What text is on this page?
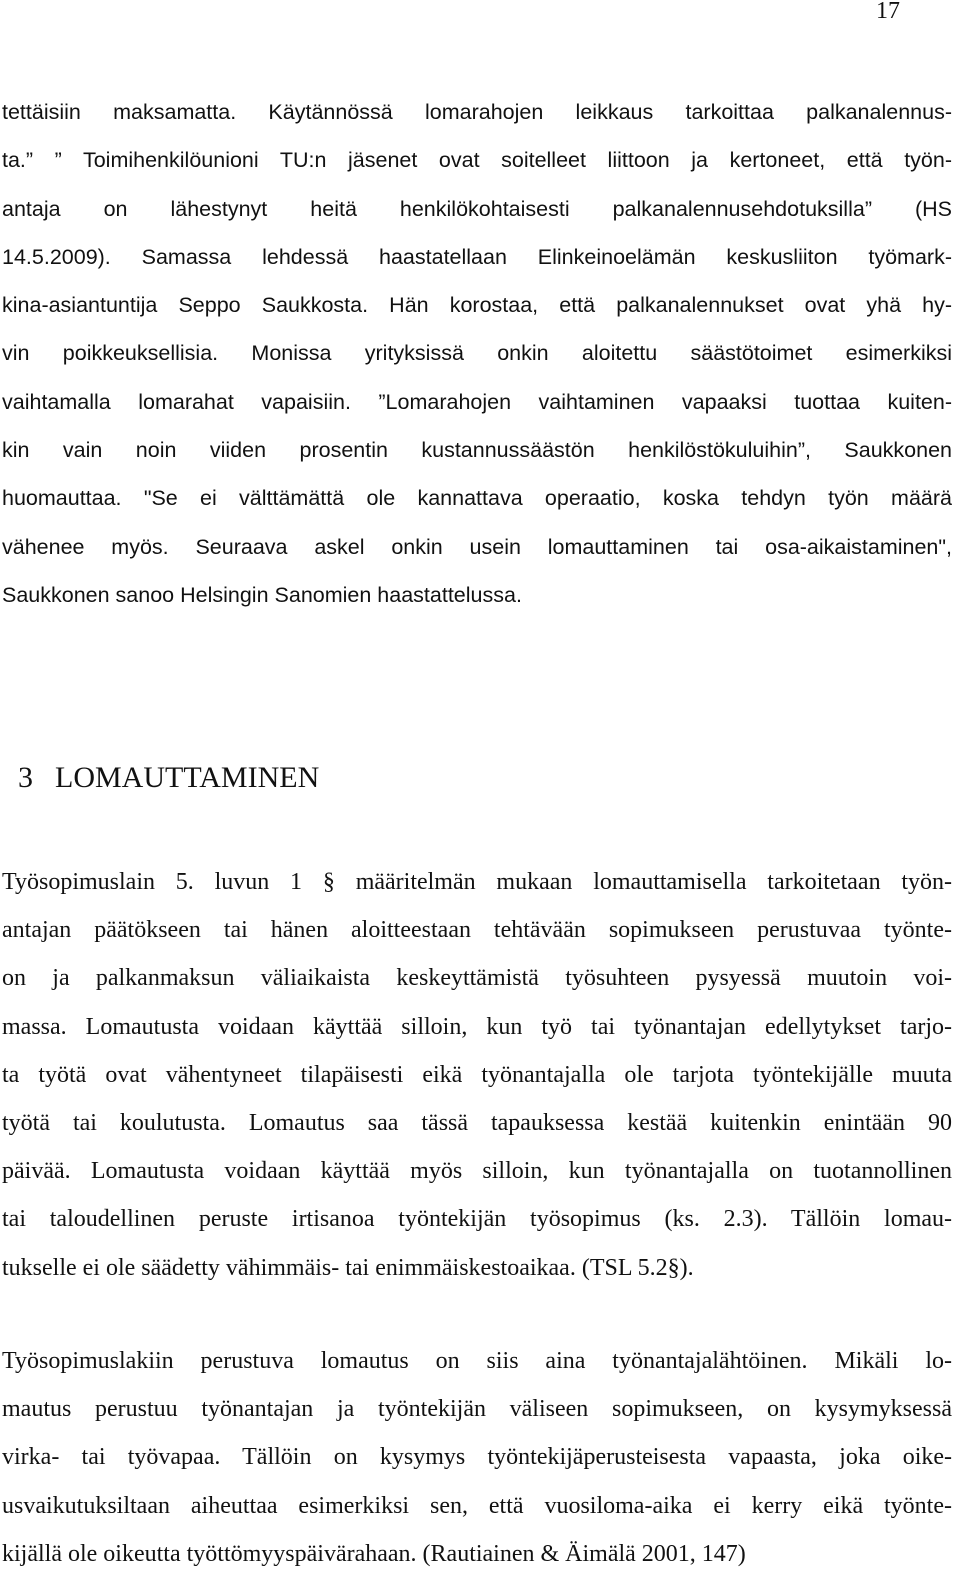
17
tettäisiin maksamatta. Käytännössä lomarahojen leikkaus tarkoittaa palkanalennus-
ta.” ” Toimihenkilöunioni TU:n jäsenet ovat soitelleet liittoon ja kertoneet, että työn-
antaja on lähestynyt heitä henkilökohtaisesti palkanalennusehdotuksilla” (HS
14.5.2009). Samassa lehdessä haastatellaan Elinkeinoelämän keskusliiton työmark-
kina-asiantuntija Seppo Saukkosta. Hän korostaa, että palkanalennukset ovat yhä hy-
vin poikkeuksellisia. Monissa yrityksissä onkin aloitettu säästötoimet esimerkiksi
vaihtamalla lomarahat vapaisiin. ”Lomarahojen vaihtaminen vapaaksi tuottaa kuiten-
kin vain noin viiden prosentin kustannussäästön henkilöstökuluihin”, Saukkonen
huomauttaa. "Se ei välttämättä ole kannattava operaatio, koska tehdyn työn määrä
vähenee myös. Seuraava askel onkin usein lomauttaminen tai osa-aikaistaminen",
Saukkonen sanoo Helsingin Sanomien haastattelussa.
3 LOMAUTTAMINEN
Työsopimuslain 5. luvun 1 § määritelmän mukaan lomauttamisella tarkoitetaan työn-
antajan päätökseen tai hänen aloitteestaan tehtävään sopimukseen perustuvaa työnte-
on ja palkanmaksun väliaikaista keskeyttämistä työsuhteen pysyessä muutoin voi-
massa. Lomautusta voidaan käyttää silloin, kun työ tai työnantajan edellytykset tarjo-
ta työtä ovat vähentyneet tilapäisesti eikä työnantajalla ole tarjota työntekijälle muuta
työtä tai koulutusta. Lomautus saa tässä tapauksessa kestää kuitenkin enintään 90
päivää. Lomautusta voidaan käyttää myös silloin, kun työnantajalla on tuotannollinen
tai taloudellinen peruste irtisanoa työntekijän työsopimus (ks. 2.3). Tällöin lomau-
tukselle ei ole säädetty vähimmäis- tai enimmäiskestoaikaa. (TSL 5.2§).
Työsopimuslakiin perustuva lomautus on siis aina työnantajalähtöinen. Mikäli lo-
mautus perustuu työnantajan ja työntekijän väliseen sopimukseen, on kysymyksessä
virka- tai työvapaa. Tällöin on kysymys työntekijäperusteisesta vapaasta, joka oike-
usvaikutuksiltaan aiheuttaa esimerkiksi sen, että vuosiloma-aika ei kerry eikä työnte-
kijällä ole oikeutta työttömyyspäivärahaan. (Rautiainen & Äimälä 2001, 147)
